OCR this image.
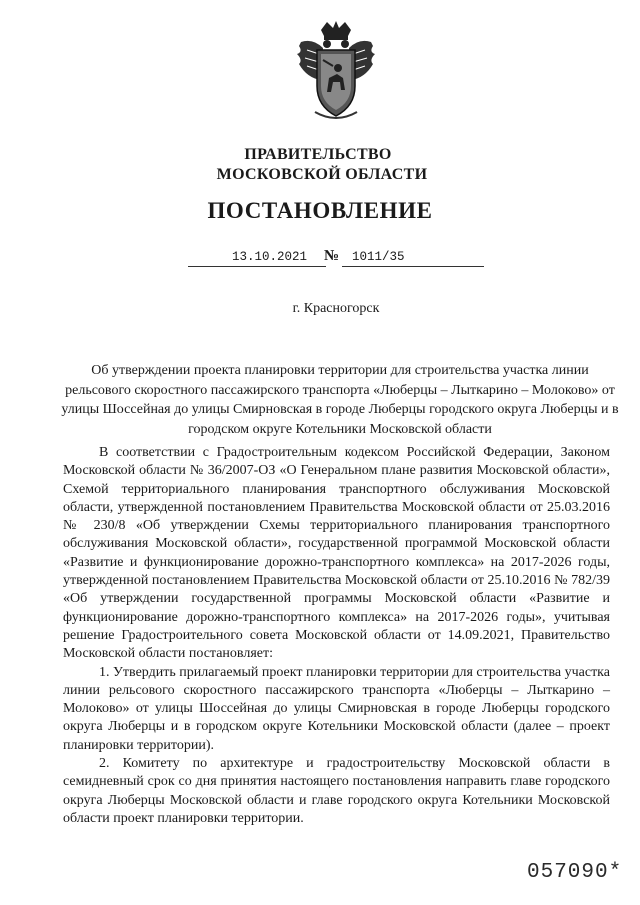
ПРАВИТЕЛЬСТВО
МОСКОВСКОЙ ОБЛАСТИ
ПОСТАНОВЛЕНИЕ
13.10.2021 № 1011/35
г. Красногорск
Об утверждении проекта планировки территории для строительства участка линии рельсового скоростного пассажирского транспорта «Люберцы – Лыткарино – Молоково» от улицы Шоссейная до улицы Смирновская в городе Люберцы городского округа Люберцы и в городском округе Котельники Московской области

В соответствии с Градостроительным кодексом Российской Федерации, Законом Московской области № 36/2007-ОЗ «О Генеральном плане развития Московской области», Схемой территориального планирования транспортного обслуживания Московской области, утвержденной постановлением Правительства Московской области от 25.03.2016 № 230/8 «Об утверждении Схемы территориального планирования транспортного обслуживания Московской области», государственной программой Московской области «Развитие и функционирование дорожно-транспортного комплекса» на 2017-2026 годы, утвержденной постановлением Правительства Московской области от 25.10.2016 № 782/39 «Об утверждении государственной программы Московской области «Развитие и функционирование дорожно-транспортного комплекса» на 2017-2026 годы», учитывая решение Градостроительного совета Московской области от 14.09.2021, Правительство Московской области постановляет:

1. Утвердить прилагаемый проект планировки территории для строительства участка линии рельсового скоростного пассажирского транспорта «Люберцы – Лыткарино – Молоково» от улицы Шоссейная до улицы Смирновская в городе Люберцы городского округа Люберцы и в городском округе Котельники Московской области (далее – проект планировки территории).

2. Комитету по архитектуре и градостроительству Московской области в семидневный срок со дня принятия настоящего постановления направить главе городского округа Люберцы Московской области и главе городского округа Котельники Московской области проект планировки территории.

057090*
